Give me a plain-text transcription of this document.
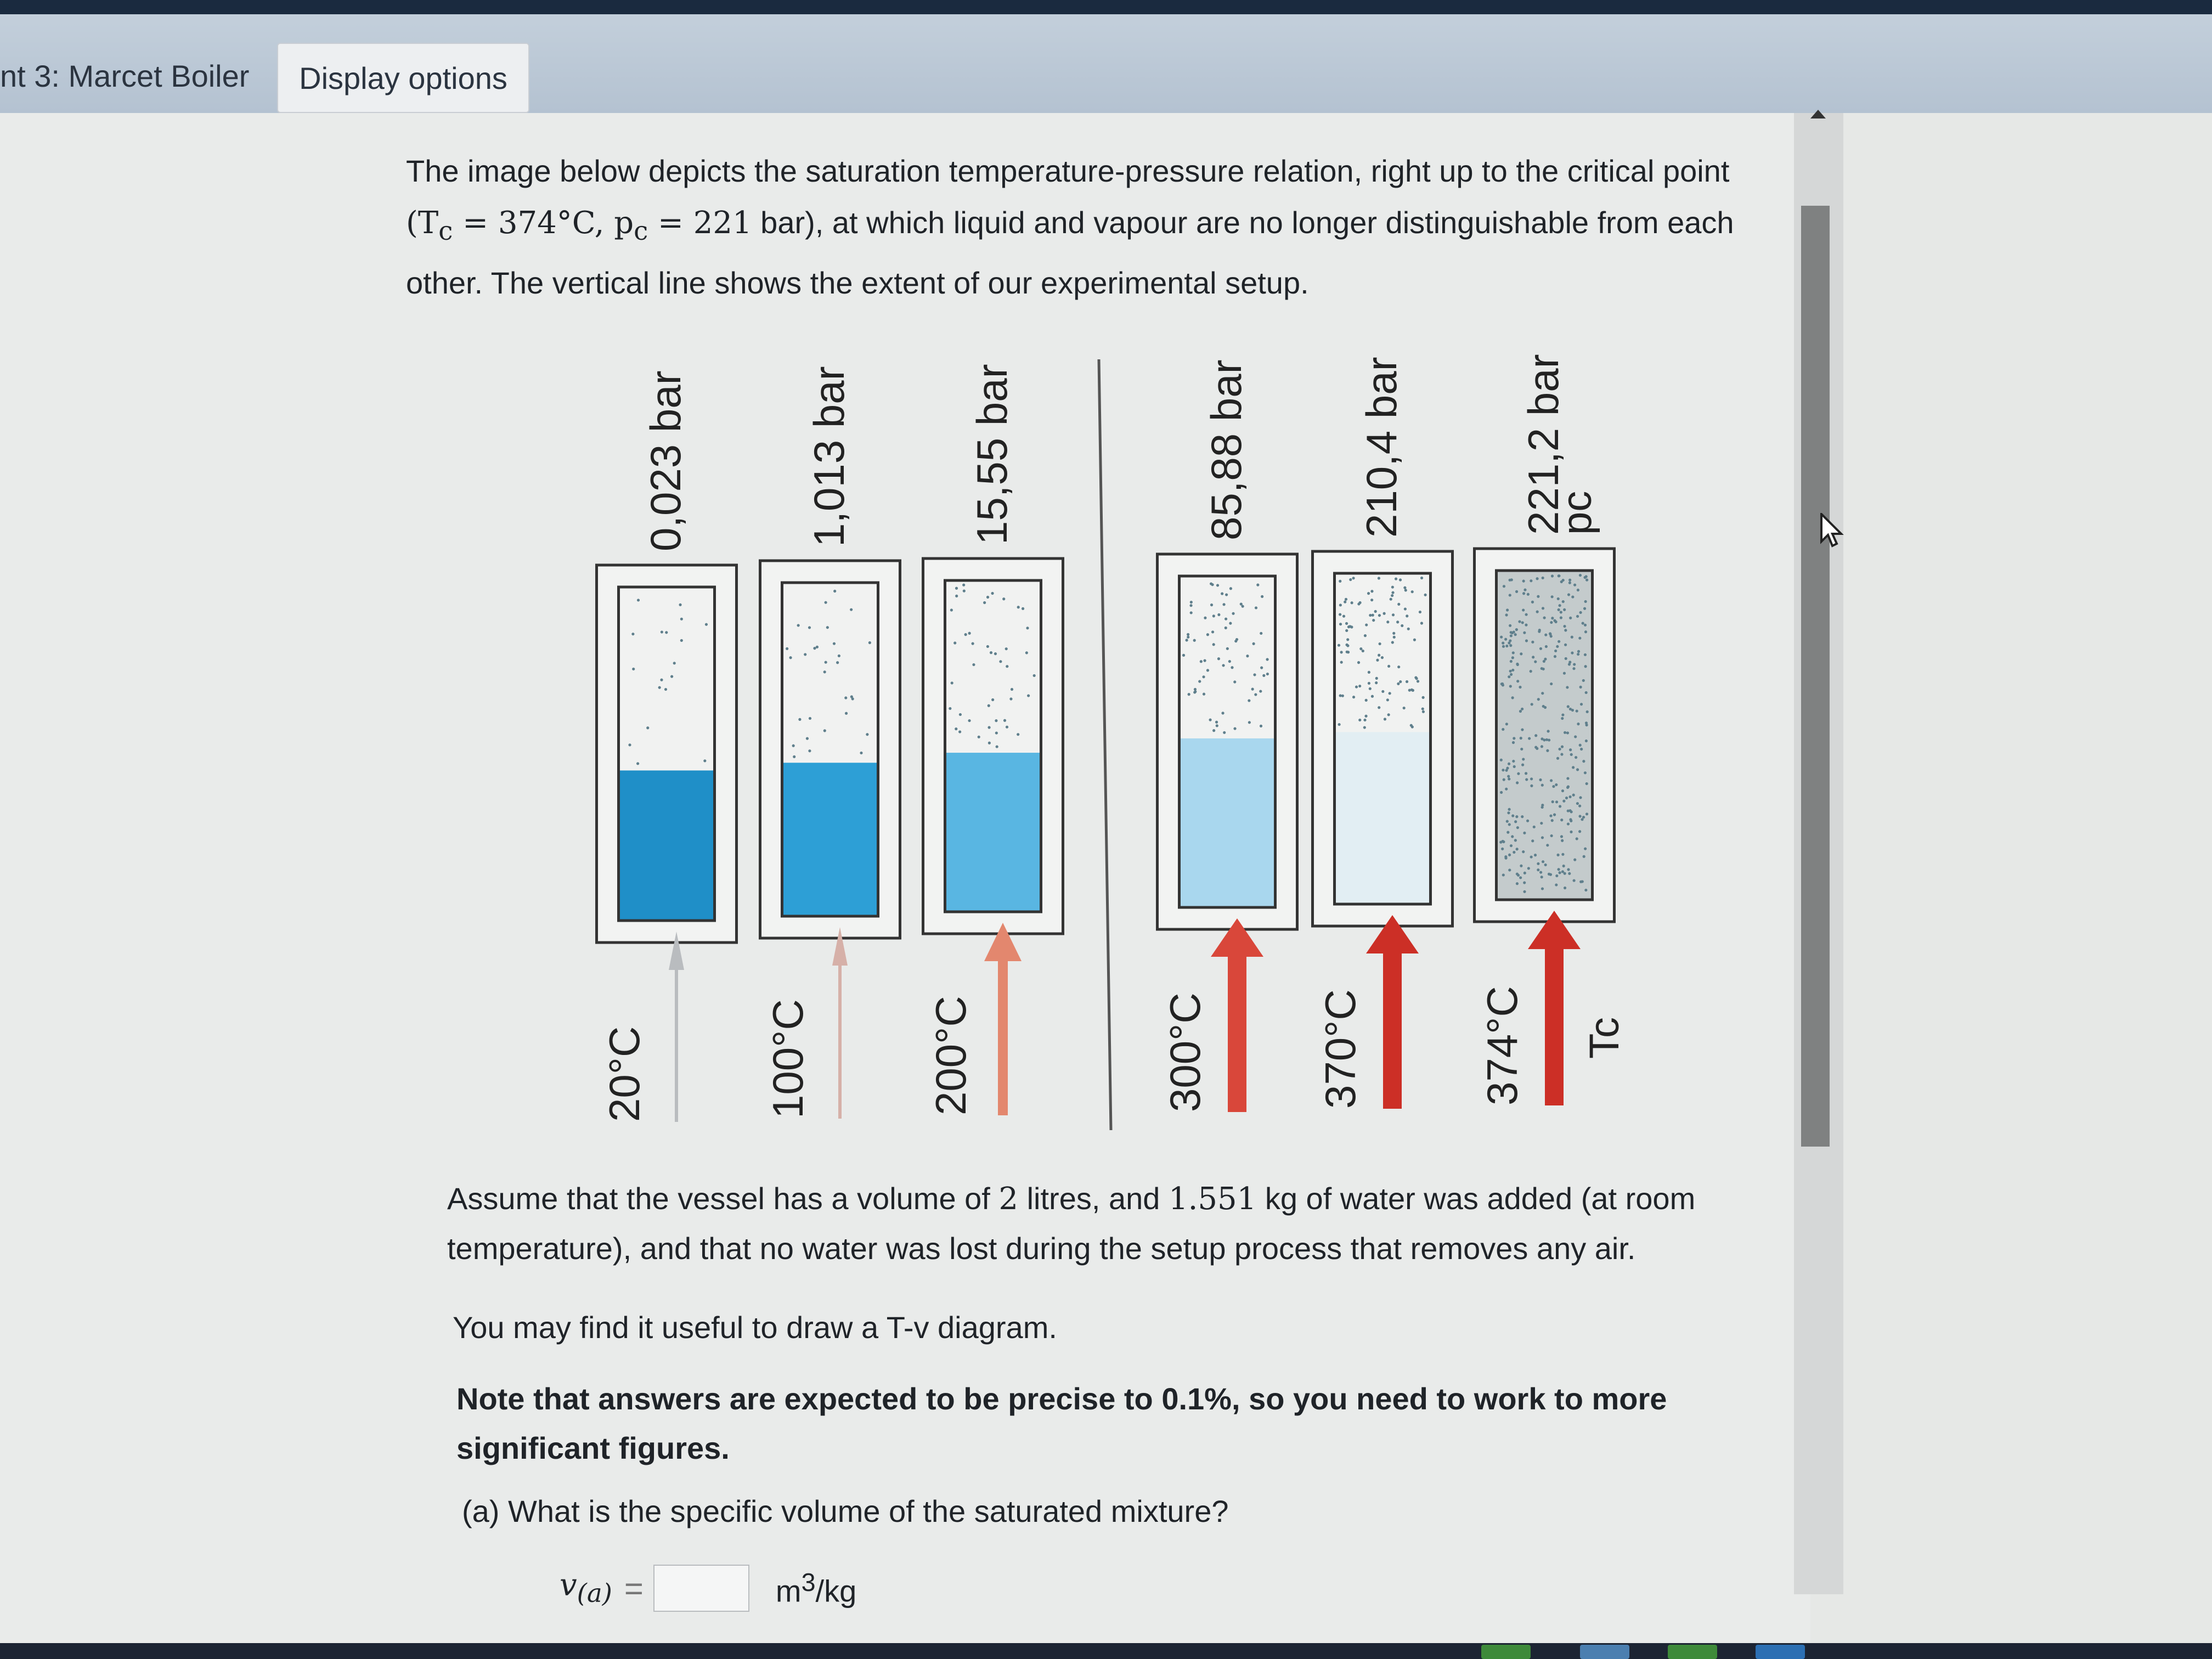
nt 3: Marcet Boiler	Display options
The image below depicts the saturation temperature-pressure relation, right up to the critical point
($T_c = 374^\circ C$, $p_c = 221$ bar), at which liquid and vapour are no longer distinguishable from each
other. The vertical line shows the extent of our experimental setup.
0,023 bar
20°C
1,013 bar
100°C
15,55 bar
200°C
85,88 bar
300°C
210,4 bar
370°C
221,2 bar
374°C
pc
Tc
Assume that the vessel has a volume of 2 litres, and 1.551 kg of water was added (at room
temperature), and that no water was lost during the setup process that removes any air.
You may find it useful to draw a T-v diagram.
Note that answers are expected to be precise to 0.1%, so you need to work to more
significant figures.
(a) What is the specific volume of the saturated mixture?
$v_{(a)}$ =	$m^3/kg$
